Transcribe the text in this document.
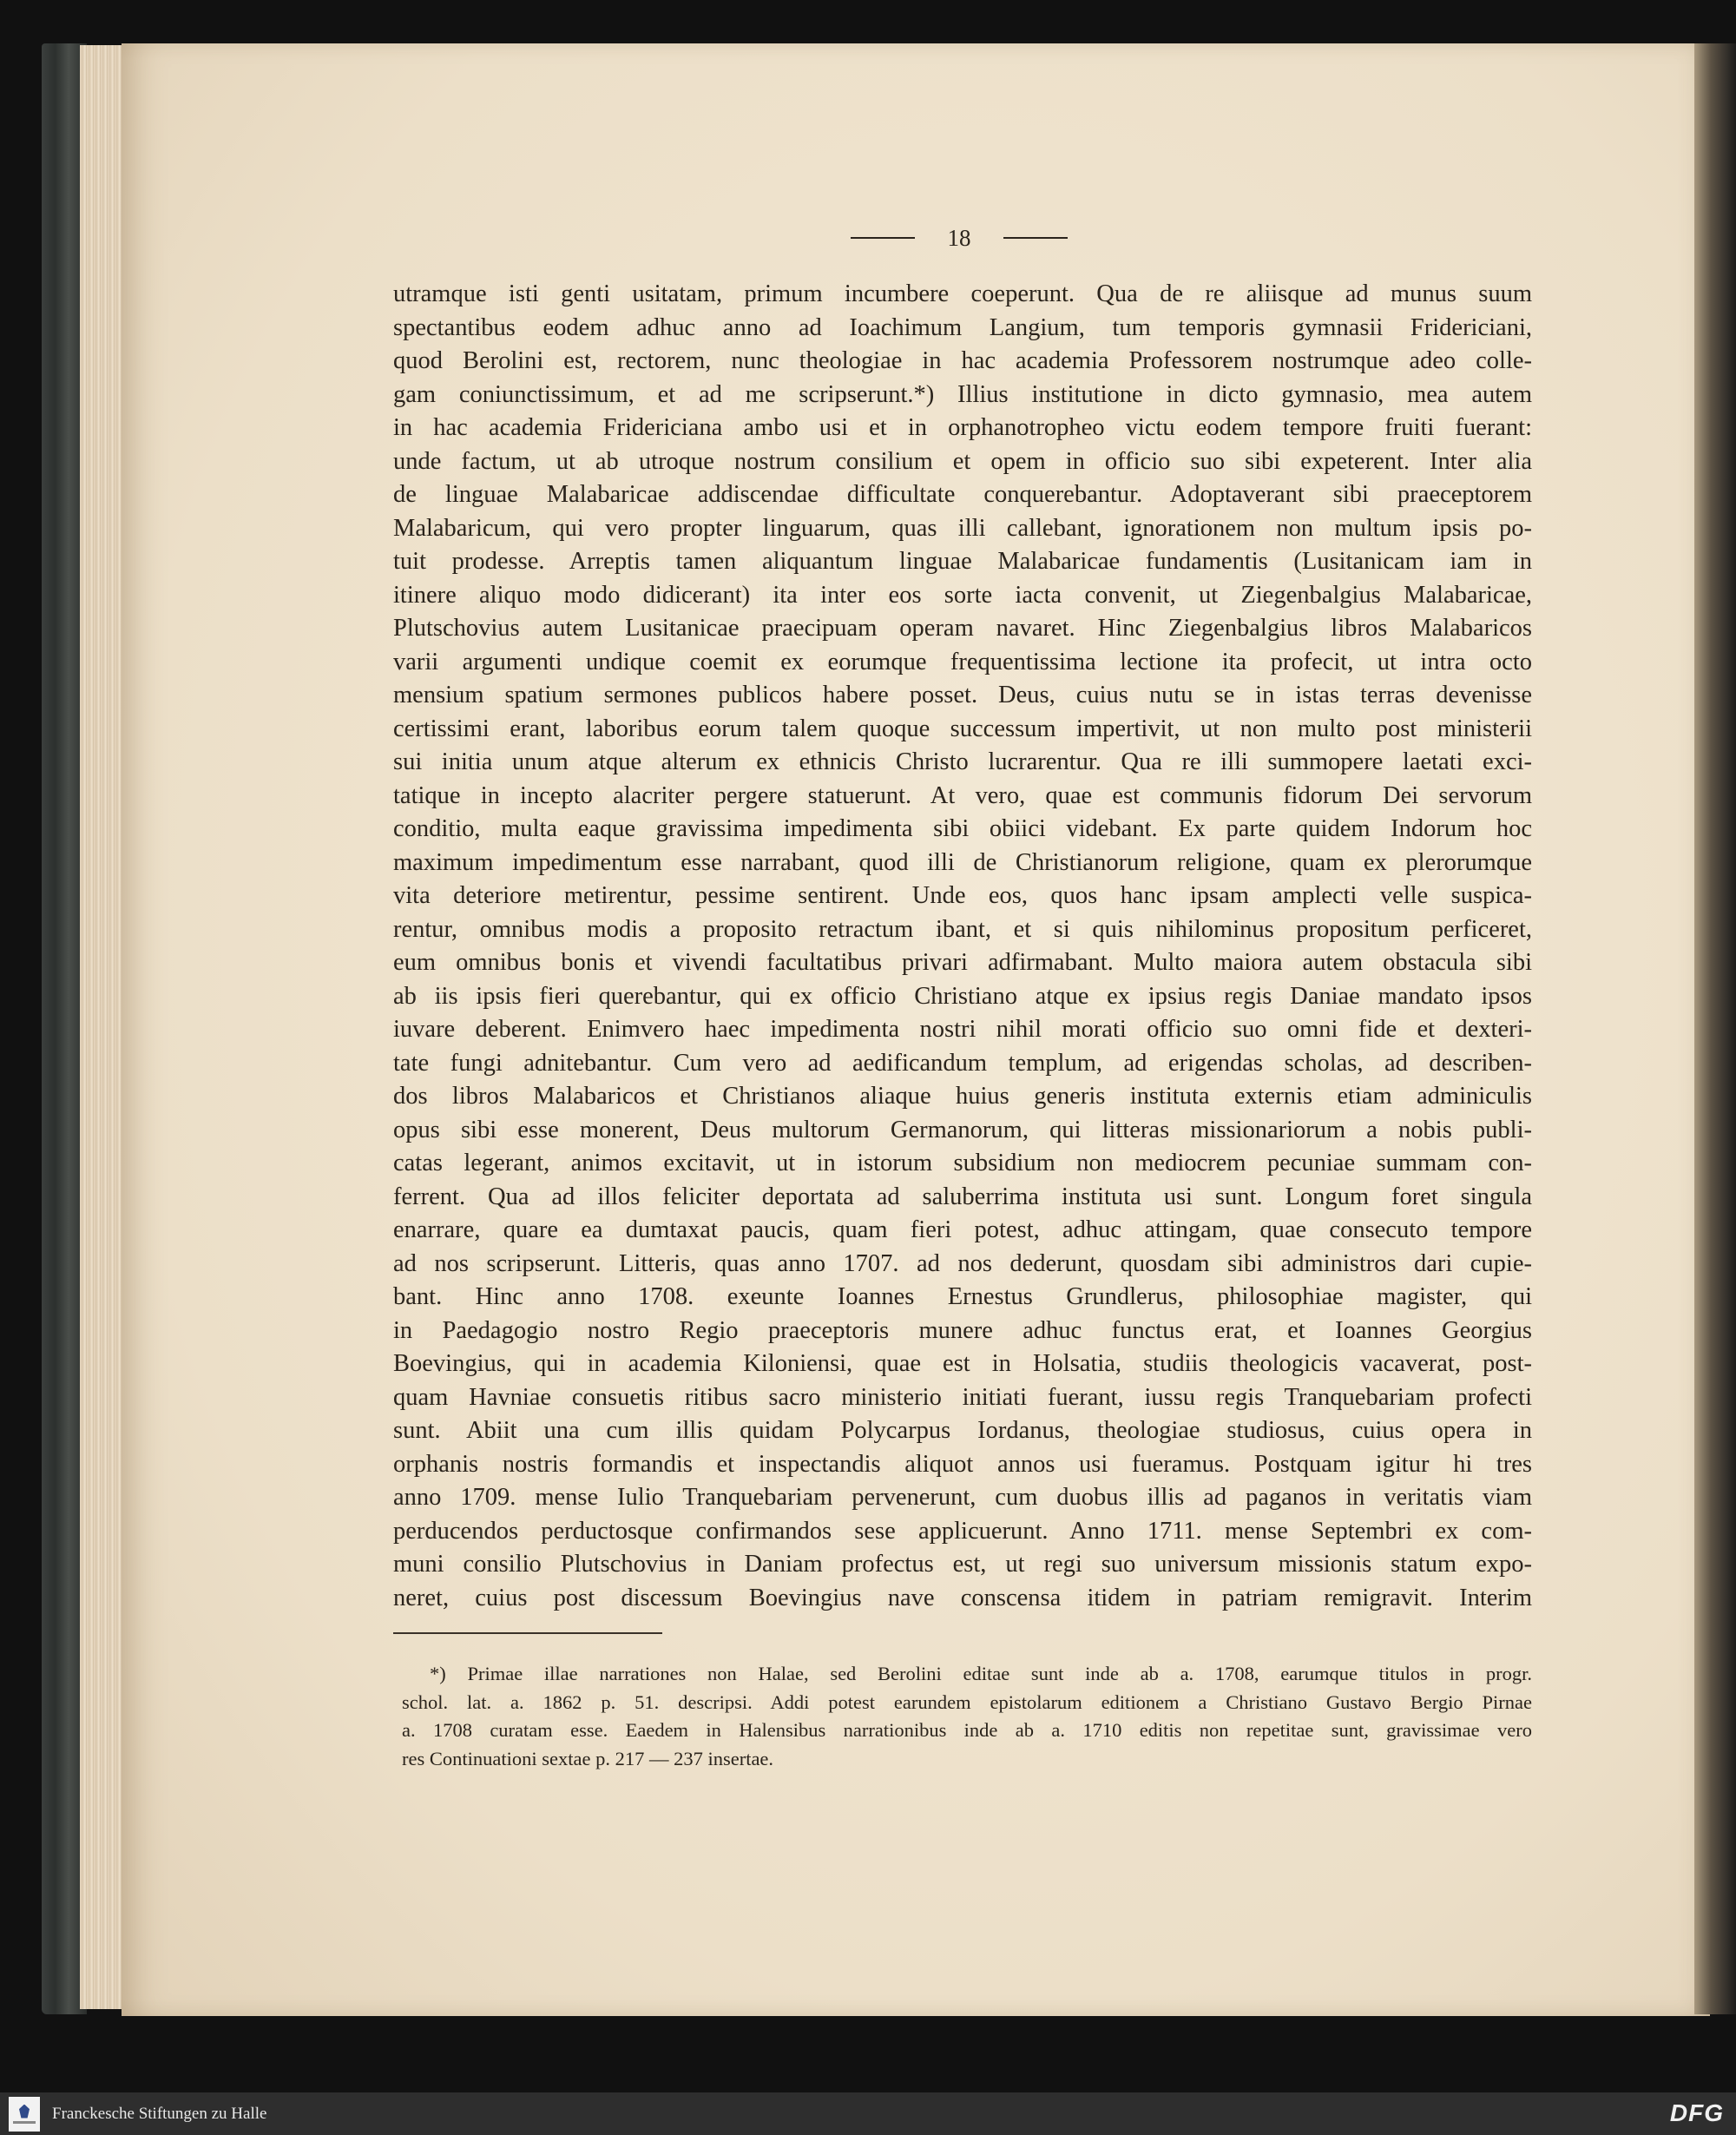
18
utramque isti genti usitatam, primum incumbere coeperunt. Qua de re aliisque ad munus suum
spectantibus eodem adhuc anno ad Ioachimum Langium, tum temporis gymnasii Fridericiani,
quod Berolini est, rectorem, nunc theologiae in hac academia Professorem nostrumque adeo colle-
gam coniunctissimum, et ad me scripserunt.*) Illius institutione in dicto gymnasio, mea autem
in hac academia Fridericiana ambo usi et in orphanotropheo victu eodem tempore fruiti fuerant:
unde factum, ut ab utroque nostrum consilium et opem in officio suo sibi expeterent. Inter alia
de linguae Malabaricae addiscendae difficultate conquerebantur. Adoptaverant sibi praeceptorem
Malabaricum, qui vero propter linguarum, quas illi callebant, ignorationem non multum ipsis po-
tuit prodesse. Arreptis tamen aliquantum linguae Malabaricae fundamentis (Lusitanicam iam in
itinere aliquo modo didicerant) ita inter eos sorte iacta convenit, ut Ziegenbalgius Malabaricae,
Plutschovius autem Lusitanicae praecipuam operam navaret. Hinc Ziegenbalgius libros Malabaricos
varii argumenti undique coemit ex eorumque frequentissima lectione ita profecit, ut intra octo
mensium spatium sermones publicos habere posset. Deus, cuius nutu se in istas terras devenisse
certissimi erant, laboribus eorum talem quoque successum impertivit, ut non multo post ministerii
sui initia unum atque alterum ex ethnicis Christo lucrarentur. Qua re illi summopere laetati exci-
tatique in incepto alacriter pergere statuerunt. At vero, quae est communis fidorum Dei servorum
conditio, multa eaque gravissima impedimenta sibi obiici videbant. Ex parte quidem Indorum hoc
maximum impedimentum esse narrabant, quod illi de Christianorum religione, quam ex plerorumque
vita deteriore metirentur, pessime sentirent. Unde eos, quos hanc ipsam amplecti velle suspica-
rentur, omnibus modis a proposito retractum ibant, et si quis nihilominus propositum perficeret,
eum omnibus bonis et vivendi facultatibus privari adfirmabant. Multo maiora autem obstacula sibi
ab iis ipsis fieri querebantur, qui ex officio Christiano atque ex ipsius regis Daniae mandato ipsos
iuvare deberent. Enimvero haec impedimenta nostri nihil morati officio suo omni fide et dexteri-
tate fungi adnitebantur. Cum vero ad aedificandum templum, ad erigendas scholas, ad describen-
dos libros Malabaricos et Christianos aliaque huius generis instituta externis etiam adminiculis
opus sibi esse monerent, Deus multorum Germanorum, qui litteras missionariorum a nobis publi-
catas legerant, animos excitavit, ut in istorum subsidium non mediocrem pecuniae summam con-
ferrent. Qua ad illos feliciter deportata ad saluberrima instituta usi sunt. Longum foret singula
enarrare, quare ea dumtaxat paucis, quam fieri potest, adhuc attingam, quae consecuto tempore
ad nos scripserunt. Litteris, quas anno 1707. ad nos dederunt, quosdam sibi administros dari cupie-
bant. Hinc anno 1708. exeunte Ioannes Ernestus Grundlerus, philosophiae magister, qui
in Paedagogio nostro Regio praeceptoris munere adhuc functus erat, et Ioannes Georgius
Boevingius, qui in academia Kiloniensi, quae est in Holsatia, studiis theologicis vacaverat, post-
quam Havniae consuetis ritibus sacro ministerio initiati fuerant, iussu regis Tranquebariam profecti
sunt. Abiit una cum illis quidam Polycarpus Iordanus, theologiae studiosus, cuius opera in
orphanis nostris formandis et inspectandis aliquot annos usi fueramus. Postquam igitur hi tres
anno 1709. mense Iulio Tranquebariam pervenerunt, cum duobus illis ad paganos in veritatis viam
perducendos perductosque confirmandos sese applicuerunt. Anno 1711. mense Septembri ex com-
muni consilio Plutschovius in Daniam profectus est, ut regi suo universum missionis statum expo-
neret, cuius post discessum Boevingius nave conscensa itidem in patriam remigravit. Interim
*) Primae illae narrationes non Halae, sed Berolini editae sunt inde ab a. 1708, earumque titulos in progr.
schol. lat. a. 1862 p. 51. descripsi. Addi potest earundem epistolarum editionem a Christiano Gustavo Bergio Pirnae
a. 1708 curatam esse. Eaedem in Halensibus narrationibus inde ab a. 1710 editis non repetitae sunt, gravissimae vero
res Continuationi sextae p. 217 — 237 insertae.
Franckesche Stiftungen zu Halle	DFG
